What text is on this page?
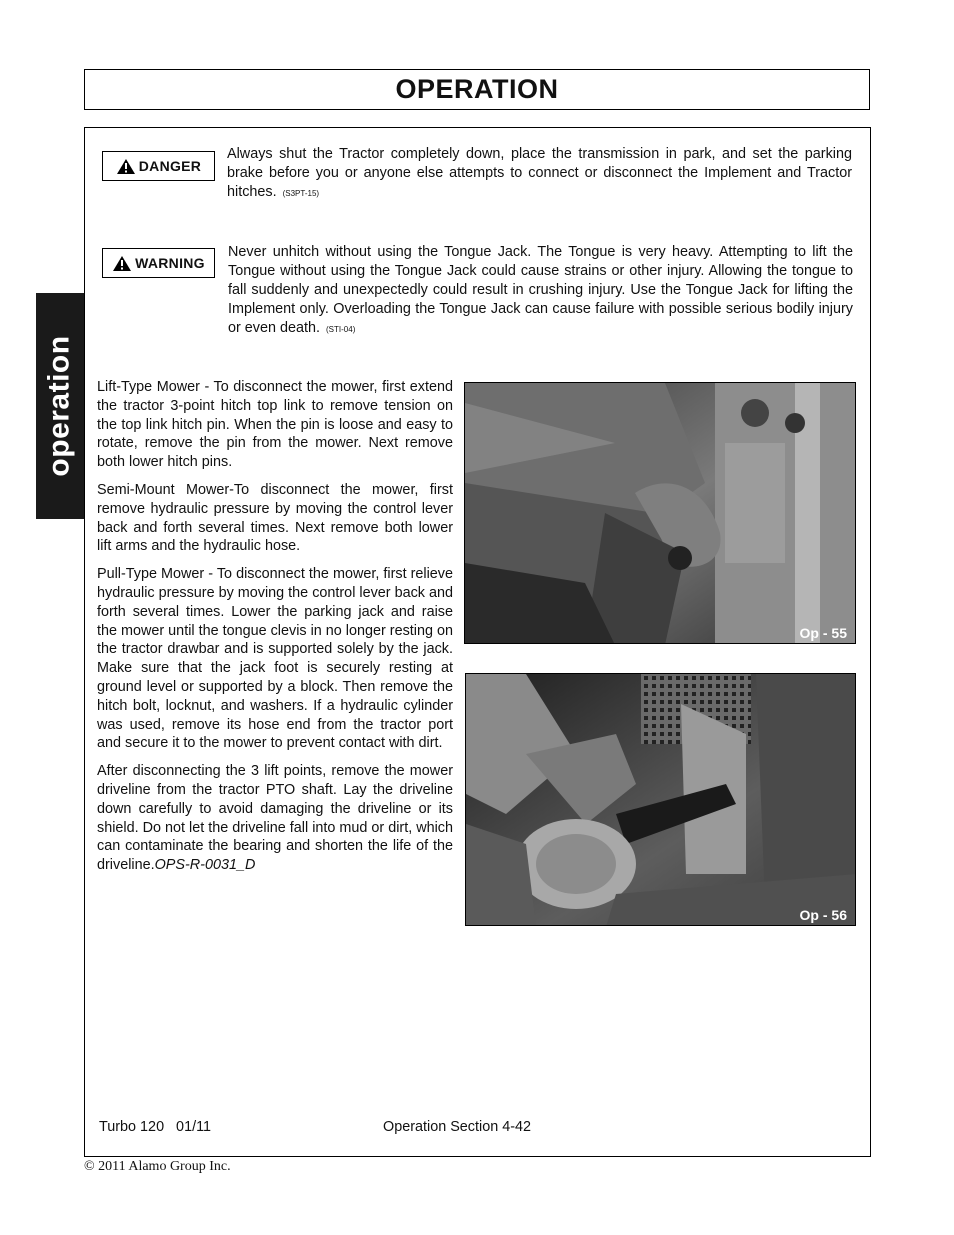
OPERATION
operation
DANGER
Always shut the Tractor completely down, place the transmission in park, and set the parking brake before you or anyone else attempts to connect or disconnect the Implement and Tractor hitches. (S3PT-15)
WARNING
Never unhitch without using the Tongue Jack. The Tongue is very heavy. Attempting to lift the Tongue without using the Tongue Jack could cause strains or other injury. Allowing the tongue to fall suddenly and unexpectedly could result in crushing injury. Use the Tongue Jack for lifting the Implement only. Overloading the Tongue Jack can cause failure with possible serious bodily injury or even death. (STI-04)

Lift-Type Mower - To disconnect the mower, first extend the tractor 3-point hitch top link to remove tension on the top link hitch pin. When the pin is loose and easy to rotate, remove the pin from the mower. Next remove both lower hitch pins.

Semi-Mount Mower-To disconnect the mower, first remove hydraulic pressure by moving the control lever back and forth several times. Next remove both lower lift arms and the hydraulic hose.

Pull-Type Mower - To disconnect the mower, first relieve hydraulic pressure by moving the control lever back and forth several times. Lower the parking jack and raise the mower until the tongue clevis in no longer resting on the tractor drawbar and is supported solely by the jack. Make sure that the jack foot is securely resting at ground level or supported by a block. Then remove the hitch bolt, locknut, and washers. If a hydraulic cylinder was used, remove its hose end from the tractor port and secure it to the mower to prevent contact with dirt.

After disconnecting the 3 lift points, remove the mower driveline from the tractor PTO shaft. Lay the driveline down carefully to avoid damaging the driveline or its shield. Do not let the driveline fall into mud or dirt, which can contaminate the bearing and shorten the life of the driveline.OPS-R-0031_D

Op - 55
Op - 56
Turbo 120   01/11	Operation Section 4-42
© 2011 Alamo Group Inc.
